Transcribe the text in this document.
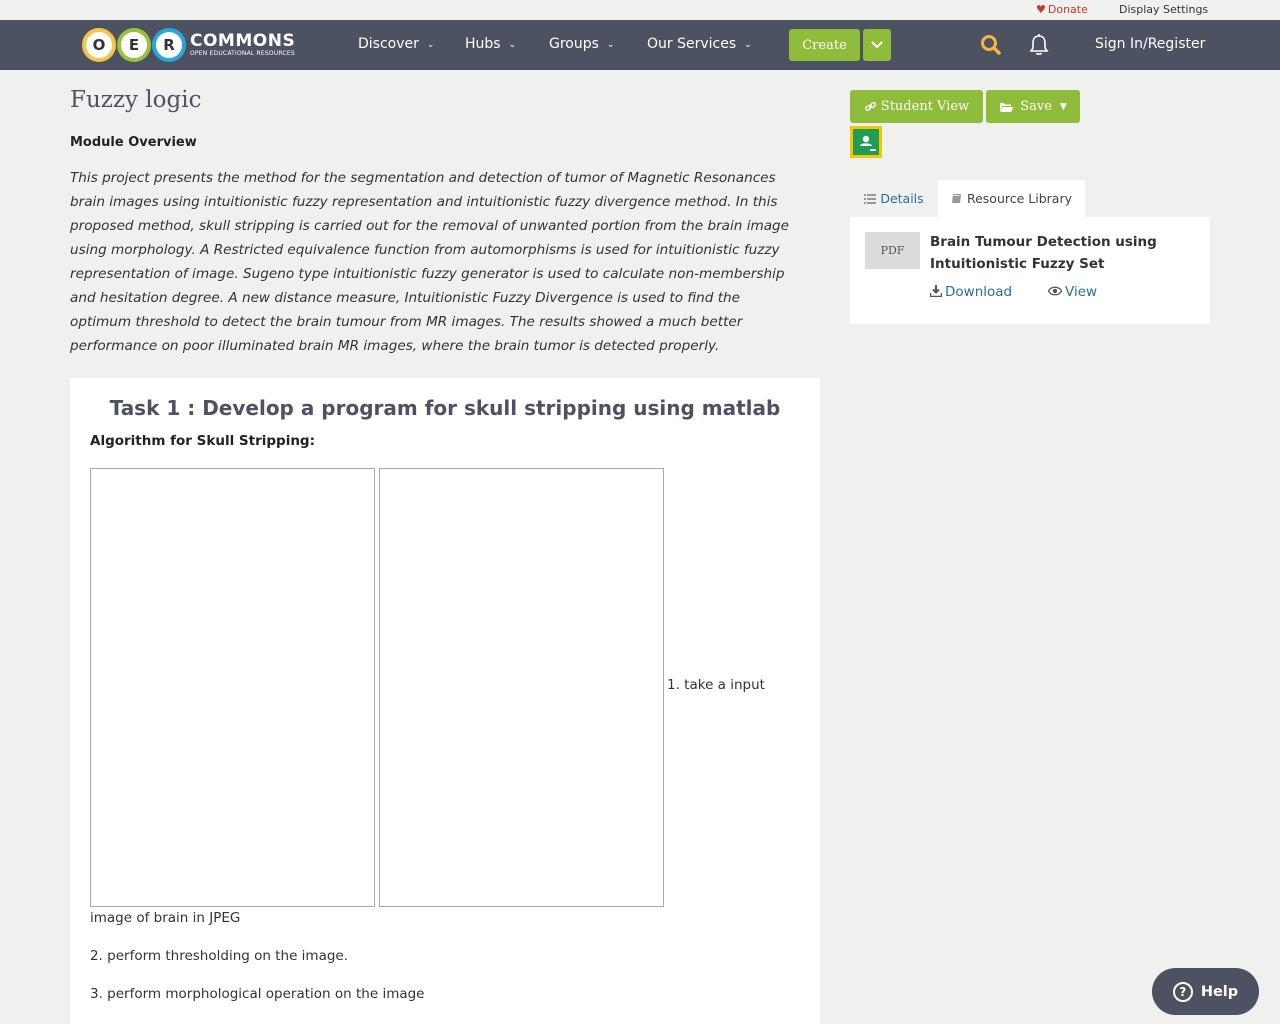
♥ Donate	Display Settings
O	E	R COMMONS
OPEN EDUCATIONAL RESOURCES
Discover ⌄ Hubs ⌄ Groups ⌄ Our Services ⌄	Create	Sign In/Register
Fuzzy logic
Module Overview

This project presents the method for the segmentation and detection of tumor of Magnetic Resonances brain images using intuitionistic fuzzy representation and intuitionistic fuzzy divergence method. In this proposed method, skull stripping is carried out for the removal of unwanted portion from the brain image using morphology. A Restricted equivalence function from automorphisms is used for intuitionistic fuzzy representation of image. Sugeno type intuitionistic fuzzy generator is used to calculate non-membership and hesitation degree. A new distance measure, Intuitionistic Fuzzy Divergence is used to find the optimum threshold to detect the brain tumour from MR images. The results showed a much better performance on poor illuminated brain MR images, where the brain tumor is detected properly.

Task 1 : Develop a program for skull stripping using matlab
Algorithm for Skull Stripping:
1. take a input
image of brain in JPEG
2. perform thresholding on the image.
3. perform morphological operation on the image
Student View	Save ▼
Details	Resource Library
PDF
Brain Tumour Detection using Intuitionistic Fuzzy Set
Download	View
?	Help
